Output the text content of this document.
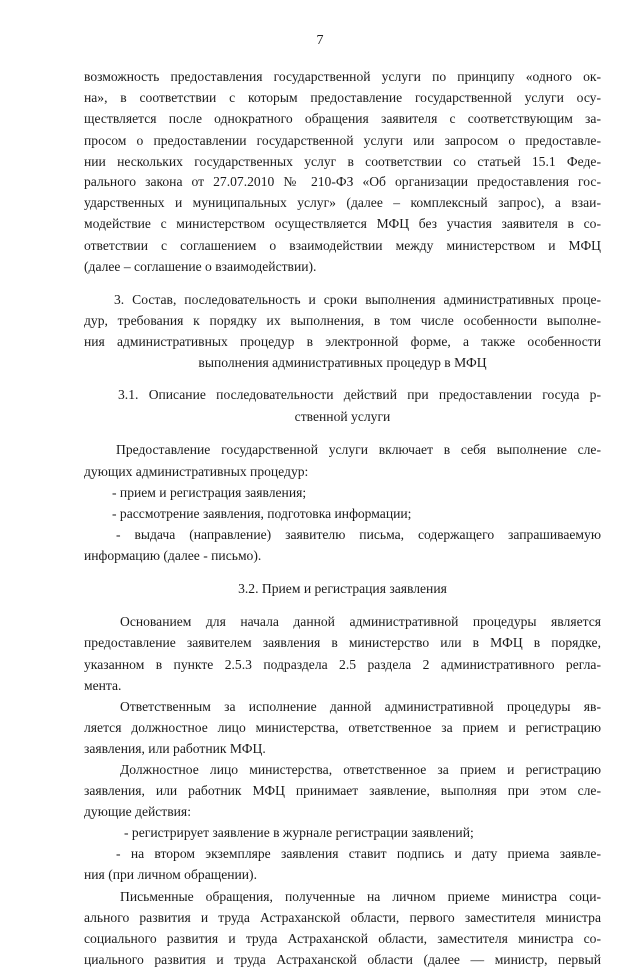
7
возможность предоставления государственной услуги по принципу «одного ок-
на», в соответствии с которым предоставление государственной услуги осу-
ществляется после однократного обращения заявителя с соответствующим за-
просом о предоставлении государственной услуги или запросом о предоставле-
нии нескольких государственных услуг в соответствии со статьей 15.1 Феде-
рального закона от 27.07.2010 № 210-ФЗ «Об организации предоставления гос-
ударственных и муниципальных услуг» (далее – комплексный запрос), а взаи-
модействие с министерством осуществляется МФЦ без участия заявителя в со-
ответствии с соглашением о взаимодействии между министерством и МФЦ
(далее – соглашение о взаимодействии).
3. Состав, последовательность и сроки выполнения административных проце-
дур, требования к порядку их выполнения, в том числе особенности выполне-
ния административных процедур в электронной форме, а также особенности
выполнения административных процедур в МФЦ
3.1. Описание последовательности действий при предоставлении госуда р-
ственной услуги
Предоставление государственной услуги включает в себя выполнение сле-
дующих административных процедур:
- прием и регистрация заявления;
- рассмотрение заявления, подготовка информации;
- выдача (направление) заявителю письма, содержащего запрашиваемую
информацию (далее - письмо).
3.2. Прием и регистрация заявления
Основанием для начала данной административной процедуры является
предоставление заявителем заявления в министерство или в МФЦ в порядке,
указанном в пункте 2.5.3 подраздела 2.5 раздела 2 административного регла-
мента.
Ответственным за исполнение данной административной процедуры яв-
ляется должностное лицо министерства, ответственное за прием и регистрацию
заявления, или работник МФЦ.
Должностное лицо министерства, ответственное за прием и регистрацию
заявления, или работник МФЦ принимает заявление, выполняя при этом сле-
дующие действия:
- регистрирует заявление в журнале регистрации заявлений;
- на втором экземпляре заявления ставит подпись и дату приема заявле-
ния (при личном обращении).
Письменные обращения, полученные на личном приеме министра соци-
ального развития и труда Астраханской области, первого заместителя министра
социального развития и труда Астраханской области, заместителя министра со-
циального развития и труда Астраханской области (далее — министр, первый
